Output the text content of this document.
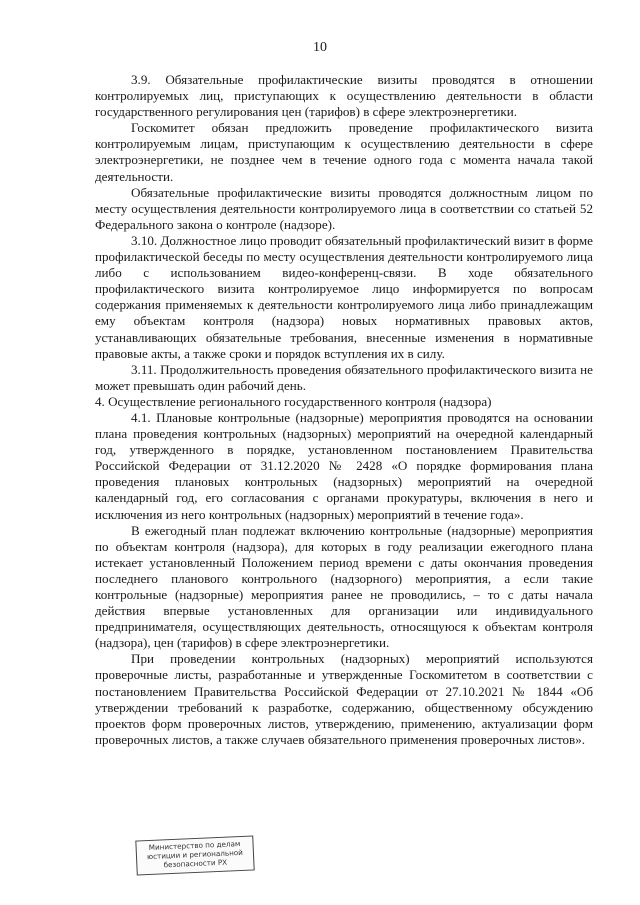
10

3.9. Обязательные профилактические визиты проводятся в отношении контролируемых лиц, приступающих к осуществлению деятельности в области государственного регулирования цен (тарифов) в сфере электроэнергетики.

Госкомитет обязан предложить проведение профилактического визита контролируемым лицам, приступающим к осуществлению деятельности в сфере электроэнергетики, не позднее чем в течение одного года с момента начала такой деятельности.

Обязательные профилактические визиты проводятся должностным лицом по месту осуществления деятельности контролируемого лица в соответствии со статьей 52 Федерального закона о контроле (надзоре).

3.10. Должностное лицо проводит обязательный профилактический визит в форме профилактической беседы по месту осуществления деятельности контролируемого лица либо с использованием видео-конференц-связи. В ходе обязательного профилактического визита контролируемое лицо информируется по вопросам содержания применяемых к деятельности контролируемого лица либо принадлежащим ему объектам контроля (надзора) новых нормативных правовых актов, устанавливающих обязательные требования, внесенные изменения в нормативные правовые акты, а также сроки и порядок вступления их в силу.

3.11. Продолжительность проведения обязательного профилактического визита не может превышать один рабочий день.

4. Осуществление регионального государственного контроля (надзора)

4.1. Плановые контрольные (надзорные) мероприятия проводятся на основании плана проведения контрольных (надзорных) мероприятий на очередной календарный год, утвержденного в порядке, установленном постановлением Правительства Российской Федерации от 31.12.2020 № 2428 «О порядке формирования плана проведения плановых контрольных (надзорных) мероприятий на очередной календарный год, его согласования с органами прокуратуры, включения в него и исключения из него контрольных (надзорных) мероприятий в течение года».

В ежегодный план подлежат включению контрольные (надзорные) мероприятия по объектам контроля (надзора), для которых в году реализации ежегодного плана истекает установленный Положением период времени с даты окончания проведения последнего планового контрольного (надзорного) мероприятия, а если такие контрольные (надзорные) мероприятия ранее не проводились, – то с даты начала действия впервые установленных для организации или индивидуального предпринимателя, осуществляющих деятельность, относящуюся к объектам контроля (надзора), цен (тарифов) в сфере электроэнергетики.

При проведении контрольных (надзорных) мероприятий используются проверочные листы, разработанные и утвержденные Госкомитетом в соответствии с постановлением Правительства Российской Федерации от 27.10.2021 № 1844 «Об утверждении требований к разработке, содержанию, общественному обсуждению проектов форм проверочных листов, утверждению, применению, актуализации форм проверочных листов, а также случаев обязательного применения проверочных листов».

Министерство по делам
юстиции и региональной
безопасности РХ
